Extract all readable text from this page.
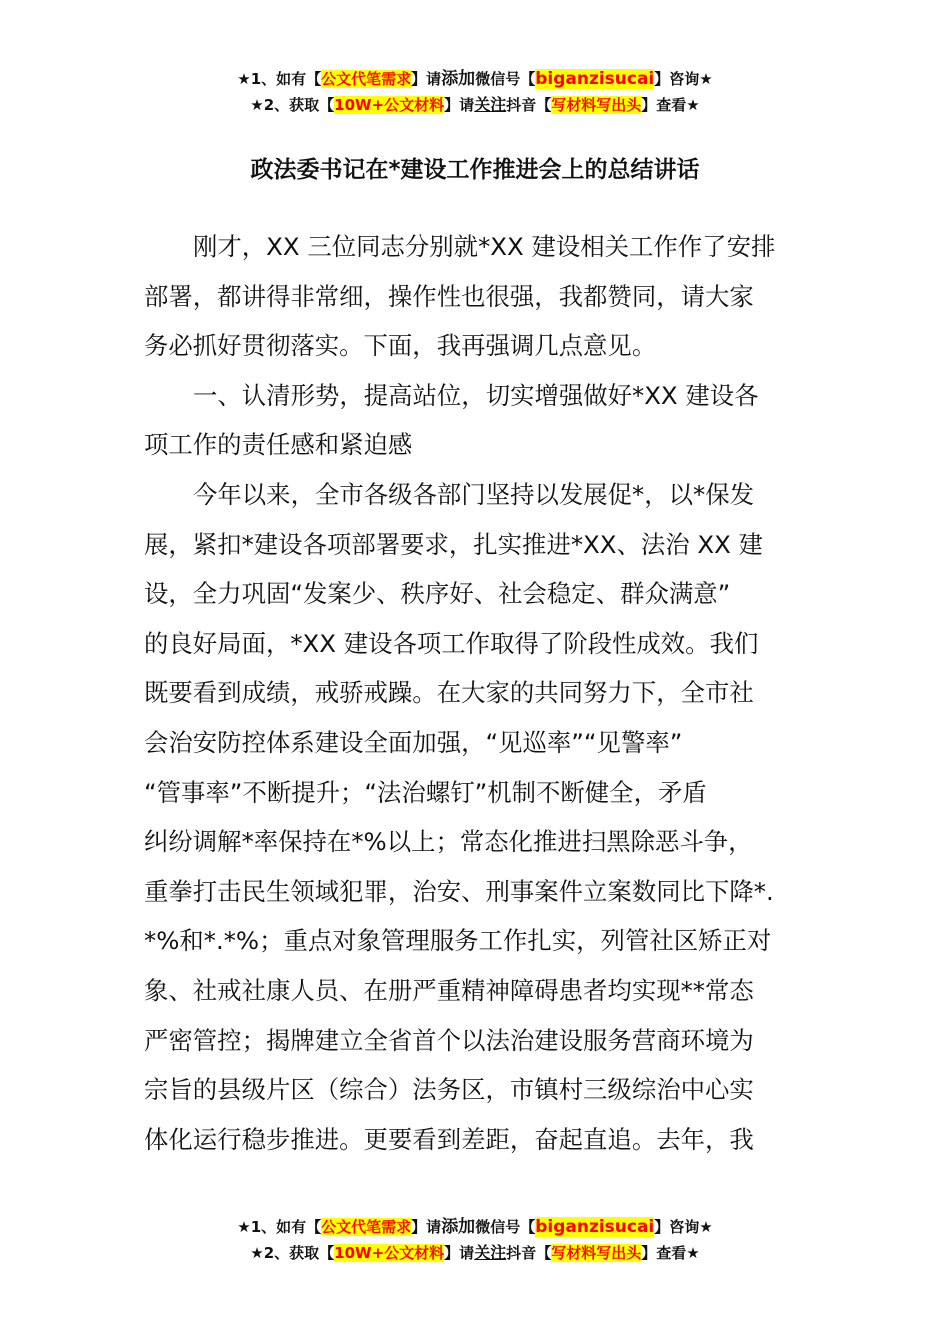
★1、如有【公文代笔需求】请添加微信号【biganzisucai】咨询★
★2、获取【10W+公文材料】请关注抖音【写材料写出头】查看★
政法委书记在*建设工作推进会上的总结讲话
刚才，XX 三位同志分别就*XX 建设相关工作作了安排
部署，都讲得非常细，操作性也很强，我都赞同，请大家
务必抓好贯彻落实。下面，我再强调几点意见。
一、认清形势，提高站位，切实增强做好*XX 建设各
项工作的责任感和紧迫感
今年以来，全市各级各部门坚持以发展促*，以*保发
展，紧扣*建设各项部署要求，扎实推进*XX、法治 XX 建
设，全力巩固“发案少、秩序好、社会稳定、群众满意”
的良好局面，*XX 建设各项工作取得了阶段性成效。我们
既要看到成绩，戒骄戒躁。在大家的共同努力下，全市社
会治安防控体系建设全面加强，“见巡率”“见警率”
“管事率”不断提升；“法治螺钉”机制不断健全，矛盾
纠纷调解*率保持在*%以上；常态化推进扫黑除恶斗争，
重拳打击民生领域犯罪，治安、刑事案件立案数同比下降*.
*%和*.*%；重点对象管理服务工作扎实，列管社区矫正对
象、社戒社康人员、在册严重精神障碍患者均实现**常态
严密管控；揭牌建立全省首个以法治建设服务营商环境为
宗旨的县级片区（综合）法务区，市镇村三级综治中心实
体化运行稳步推进。更要看到差距，奋起直追。去年，我
★1、如有【公文代笔需求】请添加微信号【biganzisucai】咨询★
★2、获取【10W+公文材料】请关注抖音【写材料写出头】查看★
